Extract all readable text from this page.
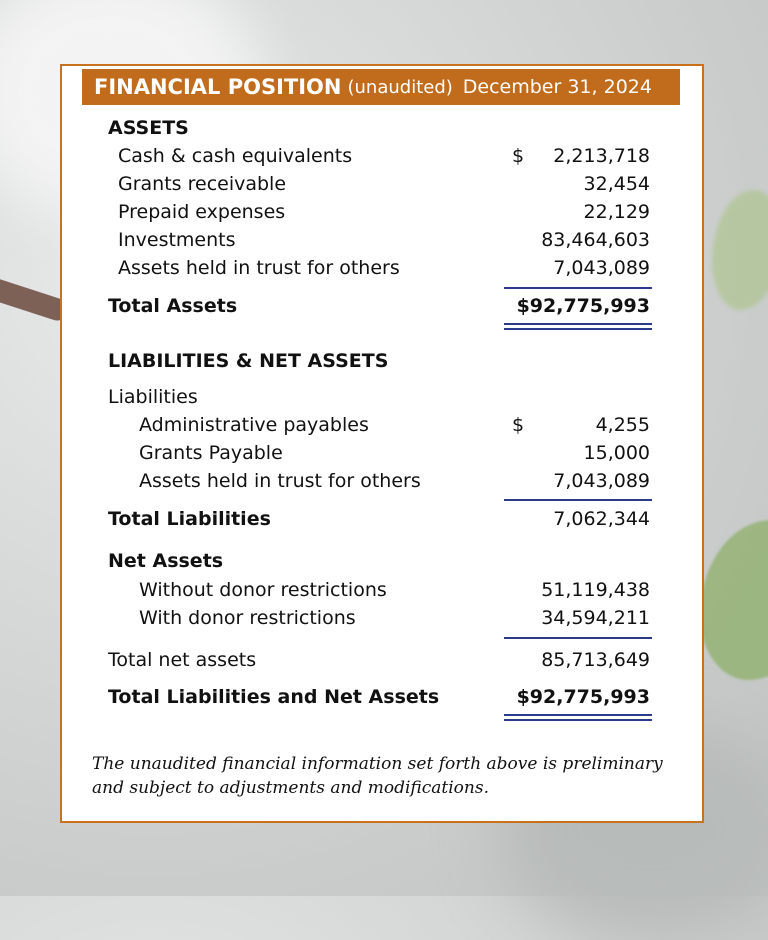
FINANCIAL POSITION (unaudited) December 31, 2024
ASSETS
Cash & cash equivalents	$ 2,213,718
Grants receivable	32,454
Prepaid expenses	22,129
Investments	83,464,603
Assets held in trust for others	7,043,089
Total Assets	$92,775,993
LIABILITIES & NET ASSETS
Liabilities
Administrative payables	$	4,255
Grants Payable	15,000
Assets held in trust for others	7,043,089
Total Liabilities	7,062,344
Net Assets
Without donor restrictions	51,119,438
With donor restrictions	34,594,211
Total net assets	85,713,649
Total Liabilities and Net Assets	$92,775,993
The unaudited financial information set forth above is preliminary and subject to adjustments and modifications.
